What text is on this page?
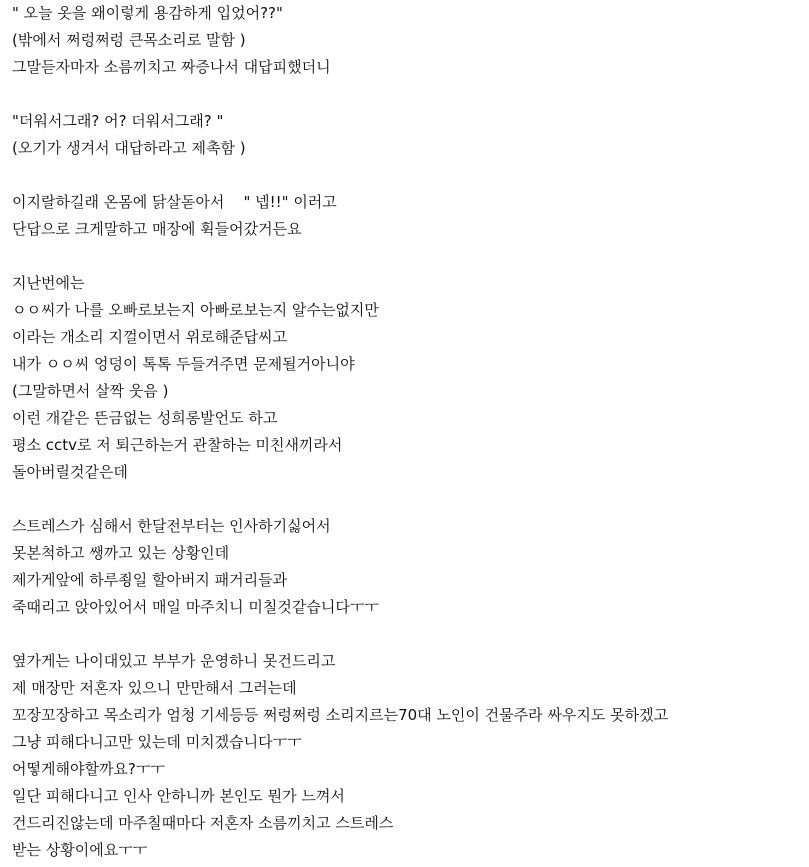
" 오늘 옷을 왜이렇게 용감하게 입었어??"
(밖에서 쩌렁쩌렁 큰목소리로 말함 )
그말듣자마자 소름끼치고 짜증나서 대답피했더니
"더워서그래? 어? 더워서그래? "
(오기가 생겨서 대답하라고 제촉함 )
이지랄하길래 온몸에 닭살돋아서    " 넵!!" 이러고
단답으로 크게말하고 매장에 휙들어갔거든요
지난번에는
ㅇㅇ씨가 나를 오빠로보는지 아빠로보는지 알수는없지만
이라는 개소리 지껄이면서 위로해준답씨고
내가 ㅇㅇ씨 엉덩이 톡톡 두들겨주면 문제될거아니야
(그말하면서 살짝 웃음 )
이런 개같은 뜬금없는 성희롱발언도 하고
평소 cctv로 저 퇴근하는거 관찰하는 미친새끼라서
돌아버릴것같은데
스트레스가 심해서 한달전부터는 인사하기싫어서
못본척하고 쌩까고 있는 상황인데
제가게앞에 하루죙일 할아버지 패거리들과
죽때리고 앉아있어서 매일 마주치니 미칠것같습니다ㅜㅜ
옆가게는 나이대있고 부부가 운영하니 못건드리고
제 매장만 저혼자 있으니 만만해서 그러는데
꼬장꼬장하고 목소리가 엄청 기세등등 쩌렁쩌렁 소리지르는70대 노인이 건물주라 싸우지도 못하겠고
그냥 피해다니고만 있는데 미치겠습니다ㅜㅜ
어떻게해야할까요?ㅜㅜ
일단 피해다니고 인사 안하니까 본인도 뭔가 느껴서
건드리진않는데 마주칠때마다 저혼자 소름끼치고 스트레스
받는 상황이에요ㅜㅜ
